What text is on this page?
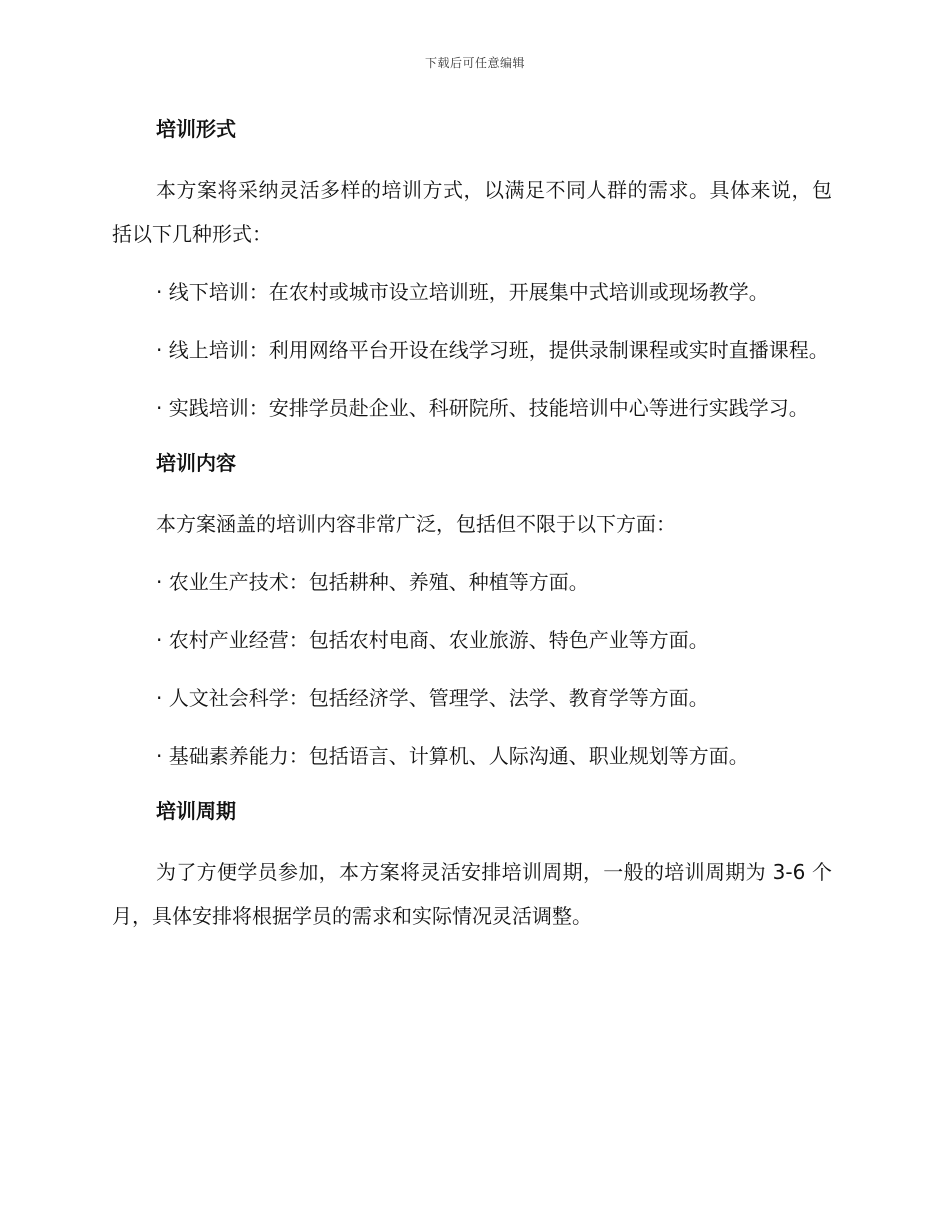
下载后可任意编辑
培训形式
本方案将采纳灵活多样的培训方式，以满足不同人群的需求。具体来说，包括以下几种形式：
· 线下培训：在农村或城市设立培训班，开展集中式培训或现场教学。
· 线上培训：利用网络平台开设在线学习班，提供录制课程或实时直播课程。
· 实践培训：安排学员赴企业、科研院所、技能培训中心等进行实践学习。
培训内容
本方案涵盖的培训内容非常广泛，包括但不限于以下方面：
· 农业生产技术：包括耕种、养殖、种植等方面。
· 农村产业经营：包括农村电商、农业旅游、特色产业等方面。
· 人文社会科学：包括经济学、管理学、法学、教育学等方面。
· 基础素养能力：包括语言、计算机、人际沟通、职业规划等方面。
培训周期
为了方便学员参加，本方案将灵活安排培训周期，一般的培训周期为 3-6 个月，具体安排将根据学员的需求和实际情况灵活调整。
